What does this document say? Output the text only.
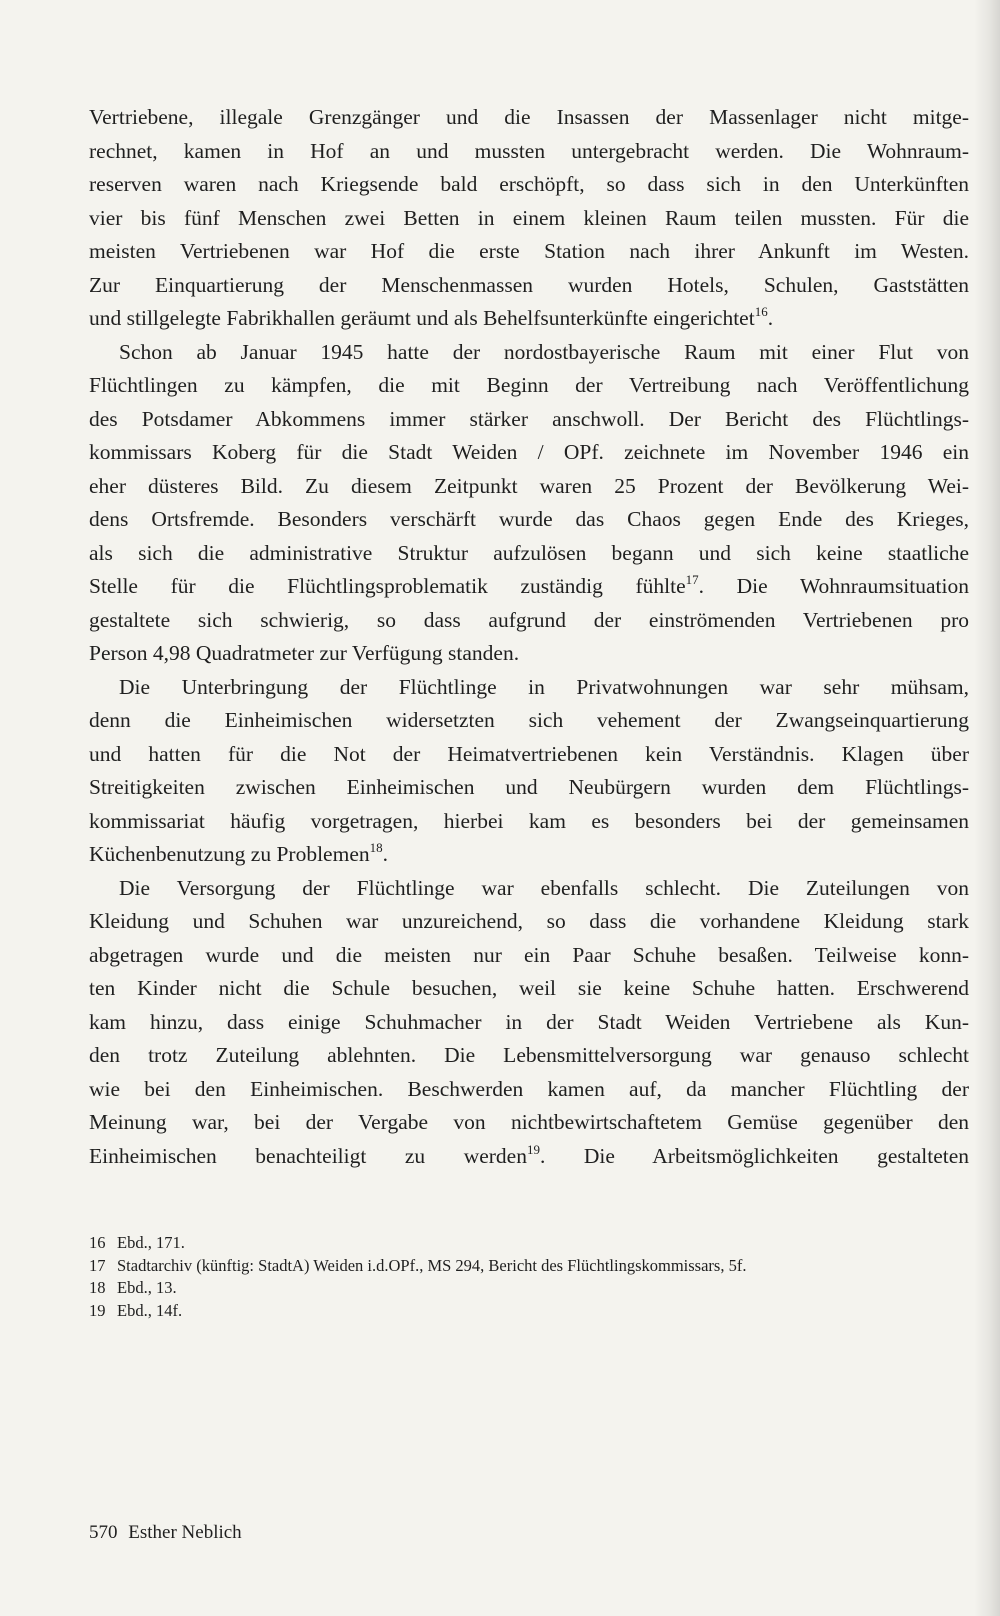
Vertriebene, illegale Grenzgänger und die Insassen der Massenlager nicht mitge-
rechnet, kamen in Hof an und mussten untergebracht werden. Die Wohnraum-
reserven waren nach Kriegsende bald erschöpft, so dass sich in den Unterkünften
vier bis fünf Menschen zwei Betten in einem kleinen Raum teilen mussten. Für die
meisten Vertriebenen war Hof die erste Station nach ihrer Ankunft im Westen.
Zur Einquartierung der Menschenmassen wurden Hotels, Schulen, Gaststätten
und stillgelegte Fabrikhallen geräumt und als Behelfsunterkünfte eingerichtet$^{16}$.
Schon ab Januar 1945 hatte der nordostbayerische Raum mit einer Flut von
Flüchtlingen zu kämpfen, die mit Beginn der Vertreibung nach Veröffentlichung
des Potsdamer Abkommens immer stärker anschwoll. Der Bericht des Flüchtlings-
kommissars Koberg für die Stadt Weiden / OPf. zeichnete im November 1946 ein
eher düsteres Bild. Zu diesem Zeitpunkt waren 25 Prozent der Bevölkerung Wei-
dens Ortsfremde. Besonders verschärft wurde das Chaos gegen Ende des Krieges,
als sich die administrative Struktur aufzulösen begann und sich keine staatliche
Stelle für die Flüchtlingsproblematik zuständig fühlte$^{17}$. Die Wohnraumsituation
gestaltete sich schwierig, so dass aufgrund der einströmenden Vertriebenen pro
Person 4,98 Quadratmeter zur Verfügung standen.
Die Unterbringung der Flüchtlinge in Privatwohnungen war sehr mühsam,
denn die Einheimischen widersetzten sich vehement der Zwangseinquartierung
und hatten für die Not der Heimatvertriebenen kein Verständnis. Klagen über
Streitigkeiten zwischen Einheimischen und Neubürgern wurden dem Flüchtlings-
kommissariat häufig vorgetragen, hierbei kam es besonders bei der gemeinsamen
Küchenbenutzung zu Problemen$^{18}$.
Die Versorgung der Flüchtlinge war ebenfalls schlecht. Die Zuteilungen von
Kleidung und Schuhen war unzureichend, so dass die vorhandene Kleidung stark
abgetragen wurde und die meisten nur ein Paar Schuhe besaßen. Teilweise konn-
ten Kinder nicht die Schule besuchen, weil sie keine Schuhe hatten. Erschwerend
kam hinzu, dass einige Schuhmacher in der Stadt Weiden Vertriebene als Kun-
den trotz Zuteilung ablehnten. Die Lebensmittelversorgung war genauso schlecht
wie bei den Einheimischen. Beschwerden kamen auf, da mancher Flüchtling der
Meinung war, bei der Vergabe von nichtbewirtschaftetem Gemüse gegenüber den
Einheimischen benachteiligt zu werden$^{19}$. Die Arbeitsmöglichkeiten gestalteten
16 Ebd., 171.
17 Stadtarchiv (künftig: StadtA) Weiden i.d.OPf., MS 294, Bericht des Flüchtlingskommissars, 5f.
18 Ebd., 13.
19 Ebd., 14f.
570 Esther Neblich
